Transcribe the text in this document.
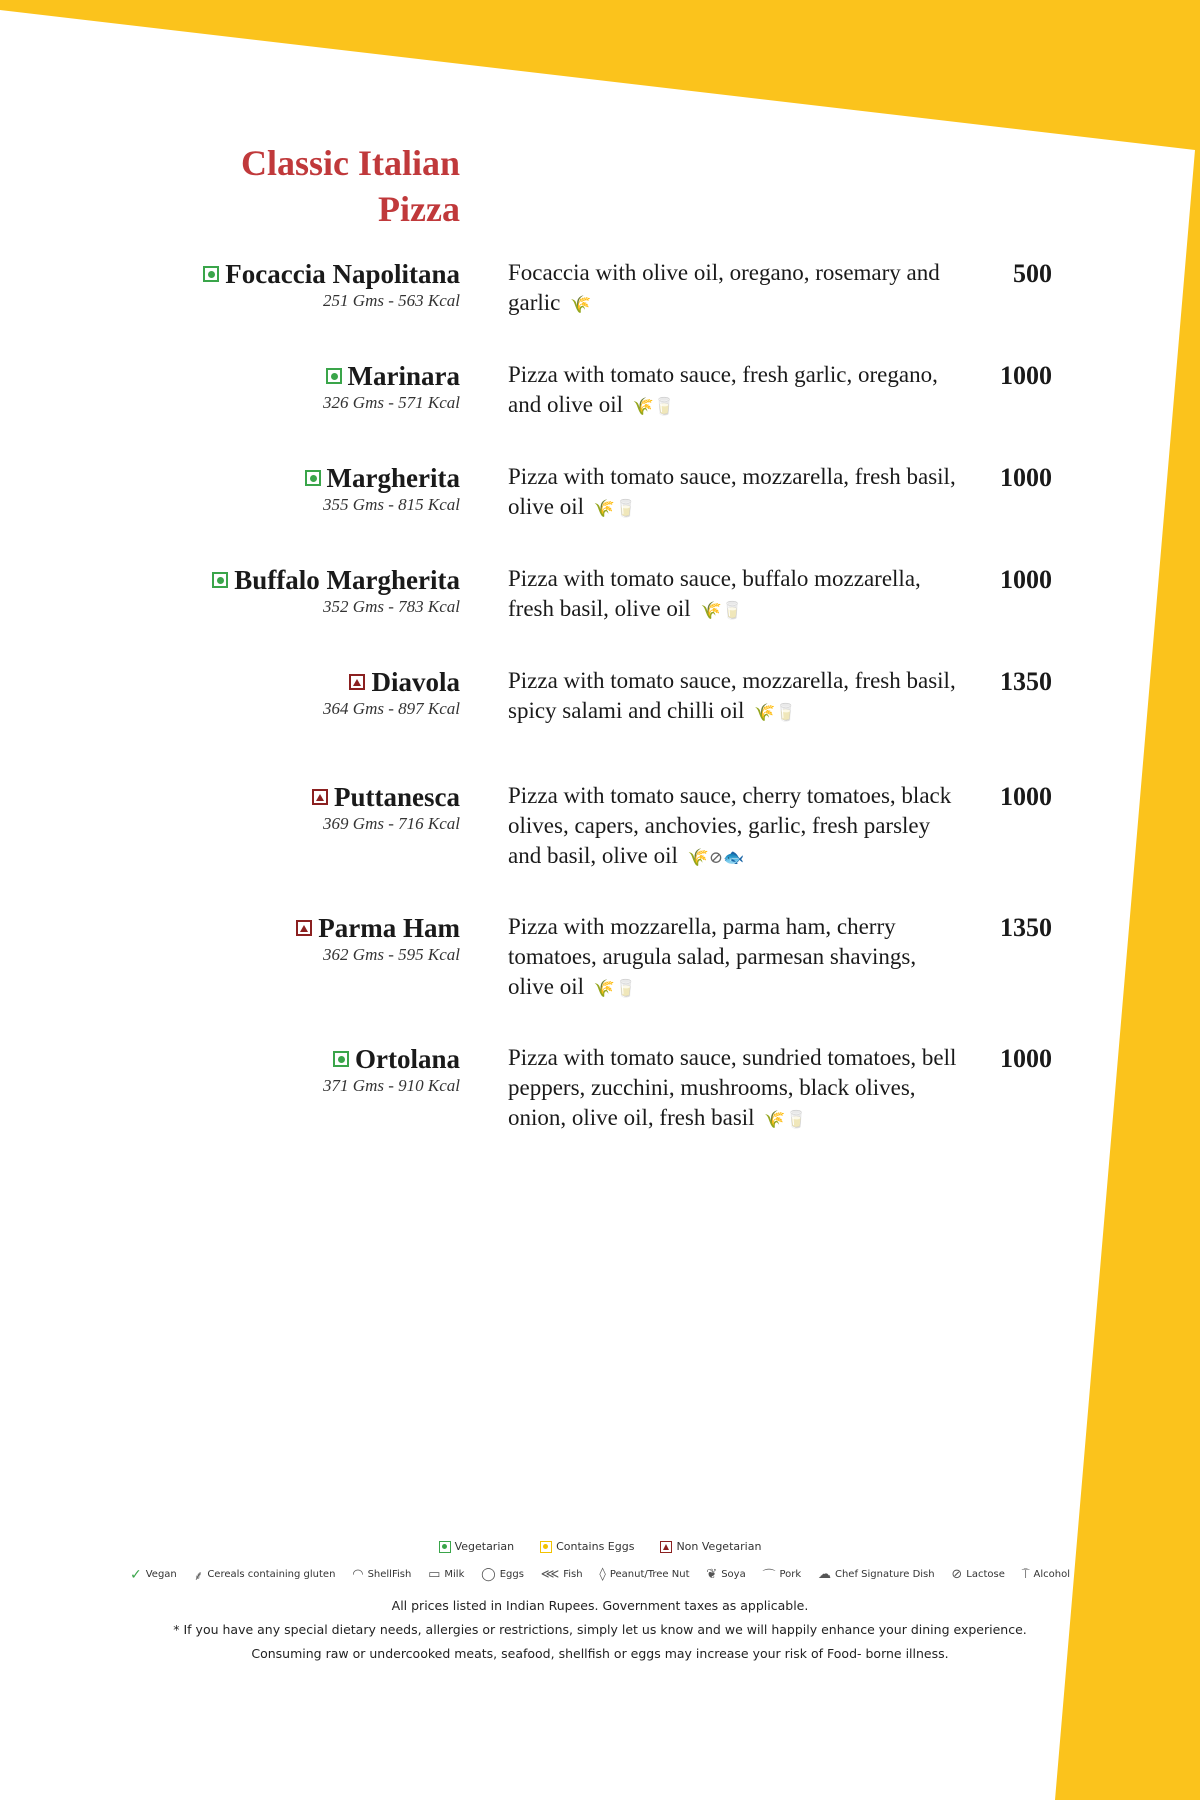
Classic Italian Pizza
Focaccia Napolitana
251 Gms - 563 Kcal
Focaccia with olive oil, oregano, rosemary and garlic 🌾
500
Marinara
326 Gms - 571 Kcal
Pizza with tomato sauce, fresh garlic, oregano, and olive oil 🌾🥛
1000
Margherita
355 Gms - 815 Kcal
Pizza with tomato sauce, mozzarella, fresh basil, olive oil 🌾🥛
1000
Buffalo Margherita
352 Gms - 783 Kcal
Pizza with tomato sauce, buffalo mozzarella, fresh basil, olive oil 🌾🥛
1000
Diavola
364 Gms - 897 Kcal
Pizza with tomato sauce, mozzarella, fresh basil, spicy salami and chilli oil 🌾🥛
1350
Puttanesca
369 Gms - 716 Kcal
Pizza with tomato sauce, cherry tomatoes, black olives, capers, anchovies, garlic, fresh parsley and basil, olive oil 🌾⊘🐟
1000
Parma Ham
362 Gms - 595 Kcal
Pizza with mozzarella, parma ham, cherry tomatoes, arugula salad, parmesan shavings, olive oil 🌾🥛
1350
Ortolana
371 Gms - 910 Kcal
Pizza with tomato sauce, sundried tomatoes, bell peppers, zucchini, mushrooms, black olives, onion, olive oil, fresh basil 🌾🥛
1000
Vegetarian	Contains Eggs	Non Vegetarian
✓ Vegan ⸙ Cereals containing gluten ◠ ShellFish ▭ Milk ◯ Eggs ⋘ Fish ◊ Peanut/Tree Nut ❦ Soya ⌒ Pork ☁ Chef Signature Dish ⊘ Lactose ⍑ Alcohol
All prices listed in Indian Rupees. Government taxes as applicable.
* If you have any special dietary needs, allergies or restrictions, simply let us know and we will happily enhance your dining experience.
Consuming raw or undercooked meats, seafood, shellfish or eggs may increase your risk of Food- borne illness.
